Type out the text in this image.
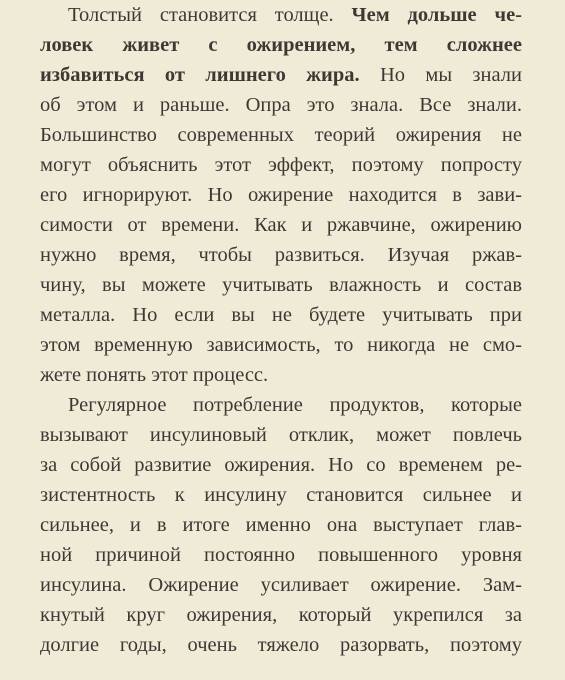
Толстый становится толще. Чем дольше че-
ловек живет с ожирением, тем сложнее
избавиться от лишнего жира. Но мы знали
об этом и раньше. Опра это знала. Все знали.
Большинство современных теорий ожирения не
могут объяснить этот эффект, поэтому попросту
его игнорируют. Но ожирение находится в зави-
симости от времени. Как и ржавчине, ожирению
нужно время, чтобы развиться. Изучая ржав-
чину, вы можете учитывать влажность и состав
металла. Но если вы не будете учитывать при
этом временную зависимость, то никогда не смо-
жете понять этот процесс.
Регулярное потребление продуктов, которые
вызывают инсулиновый отклик, может повлечь
за собой развитие ожирения. Но со временем ре-
зистентность к инсулину становится сильнее и
сильнее, и в итоге именно она выступает глав-
ной причиной постоянно повышенного уровня
инсулина. Ожирение усиливает ожирение. Зам-
кнутый круг ожирения, который укрепился за
долгие годы, очень тяжело разорвать, поэтому
